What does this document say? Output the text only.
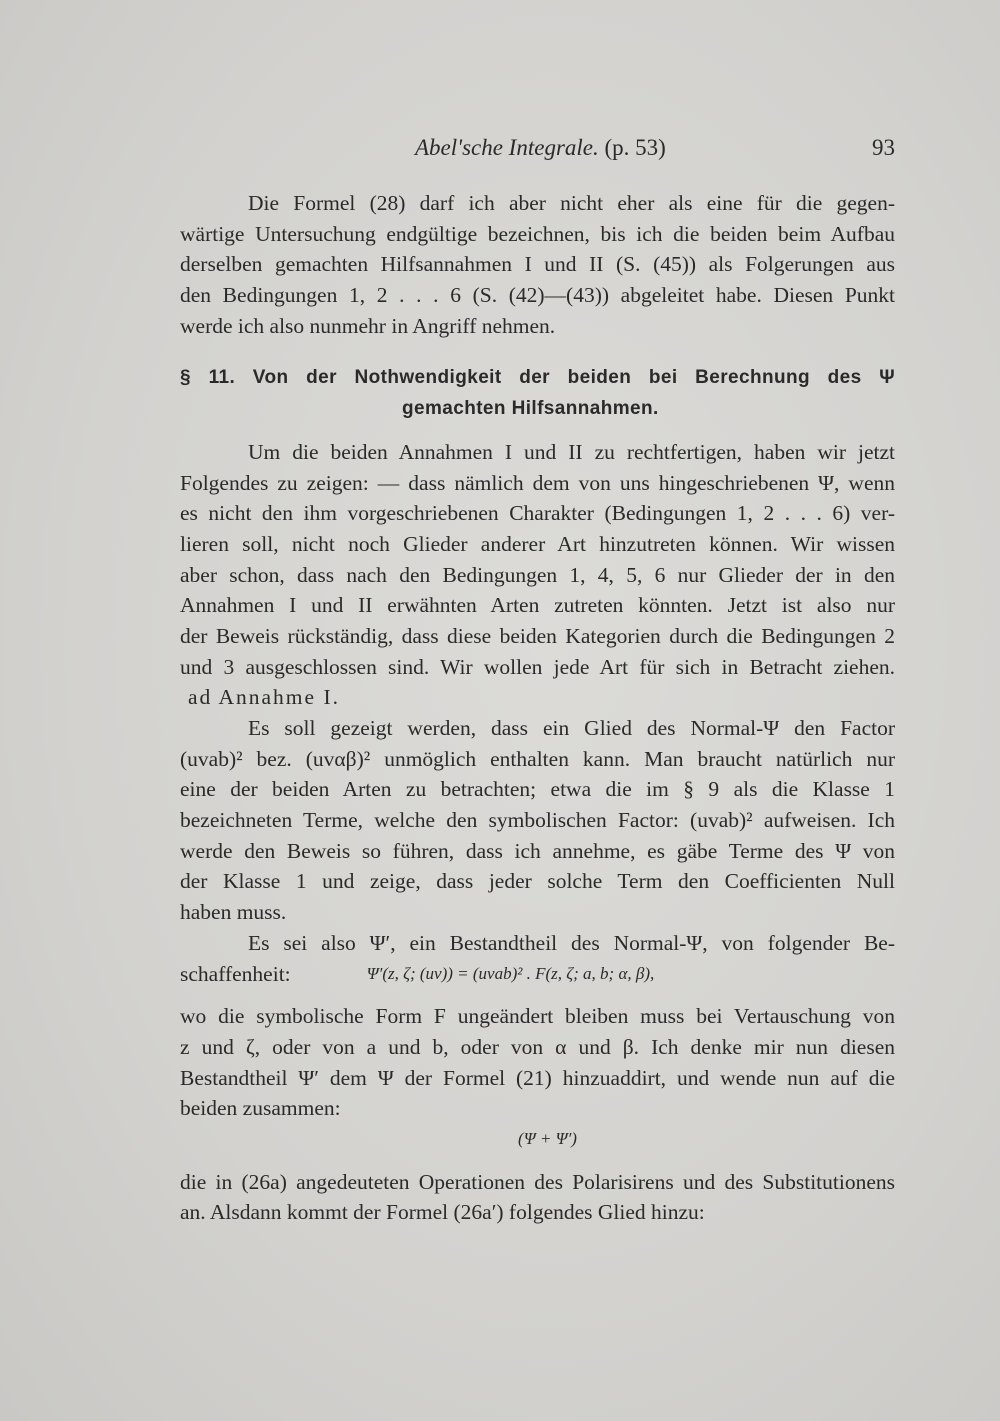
Abel'sche Integrale. (p. 53)	93
Die Formel (28) darf ich aber nicht eher als eine für die gegen-
wärtige Untersuchung endgültige bezeichnen, bis ich die beiden beim Aufbau
derselben gemachten Hilfsannahmen I und II (S. (45)) als Folgerungen aus
den Bedingungen 1, 2 . . . 6 (S. (42)—(43)) abgeleitet habe. Diesen Punkt
werde ich also nunmehr in Angriff nehmen.
§ 11. Von der Nothwendigkeit der beiden bei Berechnung des Ψ
gemachten Hilfsannahmen.
Um die beiden Annahmen I und II zu rechtfertigen, haben wir jetzt
Folgendes zu zeigen: — dass nämlich dem von uns hingeschriebenen Ψ, wenn
es nicht den ihm vorgeschriebenen Charakter (Bedingungen 1, 2 . . . 6) ver-
lieren soll, nicht noch Glieder anderer Art hinzutreten können. Wir wissen
aber schon, dass nach den Bedingungen 1, 4, 5, 6 nur Glieder der in den
Annahmen I und II erwähnten Arten zutreten könnten. Jetzt ist also nur
der Beweis rückständig, dass diese beiden Kategorien durch die Bedingungen 2
und 3 ausgeschlossen sind. Wir wollen jede Art für sich in Betracht ziehen.
ad Annahme I.
Es soll gezeigt werden, dass ein Glied des Normal-Ψ den Factor
(uvab)² bez. (uvαβ)² unmöglich enthalten kann. Man braucht natürlich nur
eine der beiden Arten zu betrachten; etwa die im § 9 als die Klasse 1
bezeichneten Terme, welche den symbolischen Factor: (uvab)² aufweisen. Ich
werde den Beweis so führen, dass ich annehme, es gäbe Terme des Ψ von
der Klasse 1 und zeige, dass jeder solche Term den Coefficienten Null
haben muss.
Es sei also Ψ′, ein Bestandtheil des Normal-Ψ, von folgender Be-
schaffenheit:	Ψ′(z, ζ; (uv)) = (uvab)² . F(z, ζ; a, b; α, β),
wo die symbolische Form F ungeändert bleiben muss bei Vertauschung von
z und ζ, oder von a und b, oder von α und β. Ich denke mir nun diesen
Bestandtheil Ψ′ dem Ψ der Formel (21) hinzuaddirt, und wende nun auf die
beiden zusammen:
(Ψ + Ψ′)
die in (26a) angedeuteten Operationen des Polarisirens und des Substitutionens
an. Alsdann kommt der Formel (26a′) folgendes Glied hinzu:
